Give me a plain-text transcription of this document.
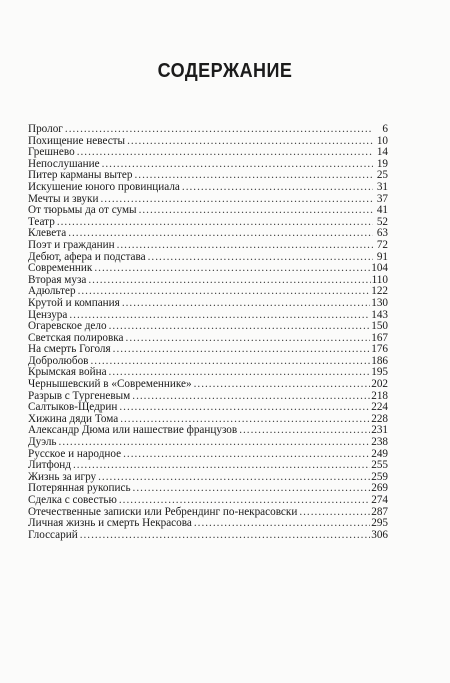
СОДЕРЖАНИЕ
Пролог .....	6
Похищение невесты .....	10
Грешнево .....	14
Непослушание .....	19
Питер карманы вытер .....	25
Искушение юного провинциала .....	31
Мечты и звуки .....	37
От тюрьмы да от сумы .....	41
Театр .....	52
Клевета .....	63
Поэт и гражданин .....	72
Дебют, афера и подстава .....	91
Современник .....	104
Вторая муза .....	110
Адюльтер .....	122
Крутой и компания .....	130
Цензура .....	143
Огаревское дело .....	150
Светская полировка .....	167
На смерть Гоголя .....	176
Добролюбов .....	186
Крымская война .....	195
Чернышевский в «Современнике» .....	202
Разрыв с Тургеневым .....	218
Салтыков-Щедрин .....	224
Хижина дяди Тома .....	228
Александр Дюма или нашествие французов .....	231
Дуэль .....	238
Русское и народное .....	249
Литфонд .....	255
Жизнь за игру .....	259
Потерянная рукопись .....	269
Сделка с совестью .....	274
Отечественные записки или Ребрендинг по-некрасовски .....	287
Личная жизнь и смерть Некрасова .....	295
Глоссарий .....	306
